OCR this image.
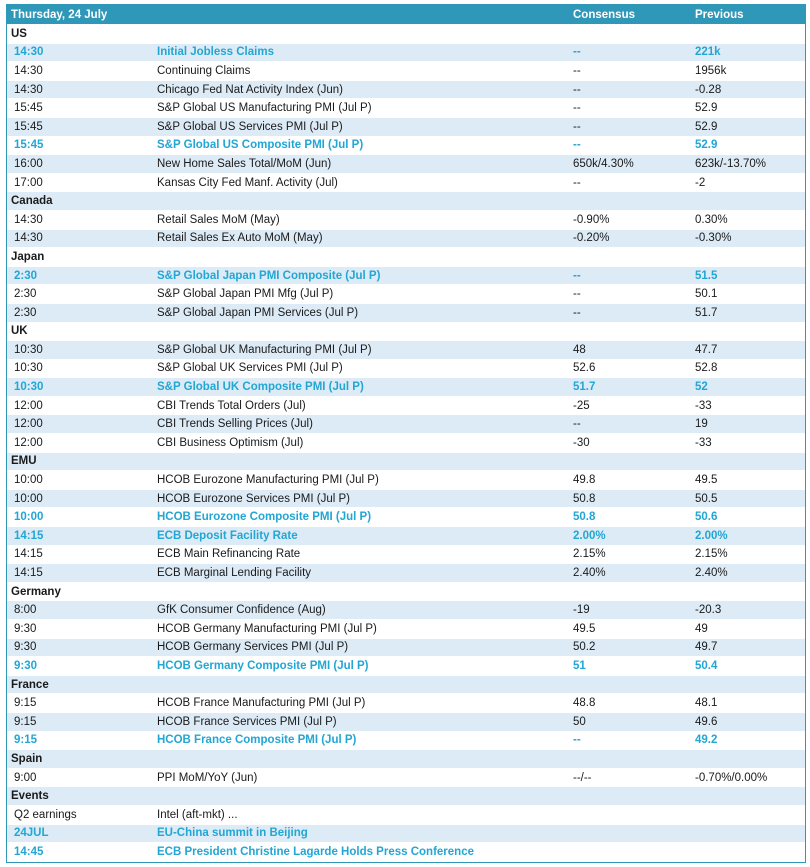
Thursday, 24 July	Consensus	Previous
US
14:30	Initial Jobless Claims	--	221k
14:30	Continuing Claims	--	1956k
14:30	Chicago Fed Nat Activity Index (Jun)	--	-0.28
15:45	S&P Global US Manufacturing PMI (Jul P)	--	52.9
15:45	S&P Global US Services PMI (Jul P)	--	52.9
15:45	S&P Global US Composite PMI (Jul P)	--	52.9
16:00	New Home Sales Total/MoM (Jun)	650k/4.30%	623k/-13.70%
17:00	Kansas City Fed Manf. Activity (Jul)	--	-2
Canada
14:30	Retail Sales MoM (May)	-0.90%	0.30%
14:30	Retail Sales Ex Auto MoM (May)	-0.20%	-0.30%
Japan
2:30	S&P Global Japan PMI Composite (Jul P)	--	51.5
2:30	S&P Global Japan PMI Mfg (Jul P)	--	50.1
2:30	S&P Global Japan PMI Services (Jul P)	--	51.7
UK
10:30	S&P Global UK Manufacturing PMI (Jul P)	48	47.7
10:30	S&P Global UK Services PMI (Jul P)	52.6	52.8
10:30	S&P Global UK Composite PMI (Jul P)	51.7	52
12:00	CBI Trends Total Orders (Jul)	-25	-33
12:00	CBI Trends Selling Prices (Jul)	--	19
12:00	CBI Business Optimism (Jul)	-30	-33
EMU
10:00	HCOB Eurozone Manufacturing PMI (Jul P)	49.8	49.5
10:00	HCOB Eurozone Services PMI (Jul P)	50.8	50.5
10:00	HCOB Eurozone Composite PMI (Jul P)	50.8	50.6
14:15	ECB Deposit Facility Rate	2.00%	2.00%
14:15	ECB Main Refinancing Rate	2.15%	2.15%
14:15	ECB Marginal Lending Facility	2.40%	2.40%
Germany
8:00	GfK Consumer Confidence (Aug)	-19	-20.3
9:30	HCOB Germany Manufacturing PMI (Jul P)	49.5	49
9:30	HCOB Germany Services PMI (Jul P)	50.2	49.7
9:30	HCOB Germany Composite PMI (Jul P)	51	50.4
France
9:15	HCOB France Manufacturing PMI (Jul P)	48.8	48.1
9:15	HCOB France Services PMI (Jul P)	50	49.6
9:15	HCOB France Composite PMI (Jul P)	--	49.2
Spain
9:00	PPI MoM/YoY (Jun)	--/--	-0.70%/0.00%
Events
Q2 earnings	Intel (aft-mkt) ...
24JUL	EU-China summit in Beijing
14:45	ECB President Christine Lagarde Holds Press Conference
